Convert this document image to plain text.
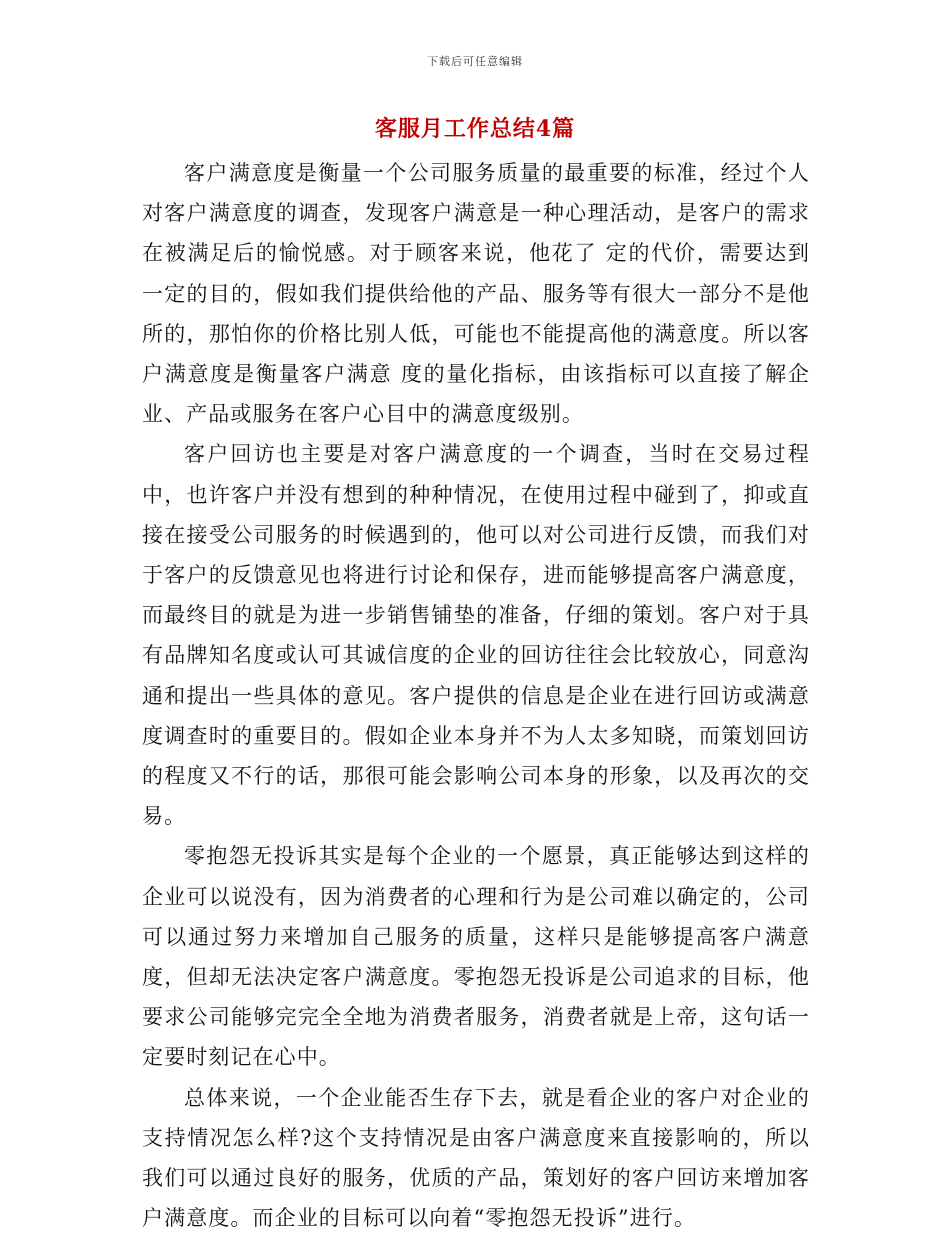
下载后可任意编辑
客服月工作总结4篇

客户满意度是衡量一个公司服务质量的最重要的标准，经过个人对客户满意度的调查，发现客户满意是一种心理活动，是客户的需求在被满足后的愉悦感。对于顾客来说，他花了 定的代价，需要达到一定的目的，假如我们提供给他的产品、服务等有很大一部分不是他所的，那怕你的价格比别人低，可能也不能提高他的满意度。所以客户满意度是衡量客户满意 度的量化指标，由该指标可以直接了解企业、产品或服务在客户心目中的满意度级别。

客户回访也主要是对客户满意度的一个调查，当时在交易过程中，也许客户并没有想到的种种情况，在使用过程中碰到了，抑或直接在接受公司服务的时候遇到的，他可以对公司进行反馈，而我们对于客户的反馈意见也将进行讨论和保存，进而能够提高客户满意度，而最终目的就是为进一步销售铺垫的准备，仔细的策划。客户对于具有品牌知名度或认可其诚信度的企业的回访往往会比较放心，同意沟通和提出一些具体的意见。客户提供的信息是企业在进行回访或满意度调查时的重要目的。假如企业本身并不为人太多知晓，而策划回访的程度又不行的话，那很可能会影响公司本身的形象，以及再次的交易。

零抱怨无投诉其实是每个企业的一个愿景，真正能够达到这样的企业可以说没有，因为消费者的心理和行为是公司难以确定的，公司可以通过努力来增加自己服务的质量，这样只是能够提高客户满意度，但却无法决定客户满意度。零抱怨无投诉是公司追求的目标，他要求公司能够完完全全地为消费者服务，消费者就是上帝，这句话一定要时刻记在心中。

总体来说，一个企业能否生存下去，就是看企业的客户对企业的支持情况怎么样?这个支持情况是由客户满意度来直接影响的，所以我们可以通过良好的服务，优质的产品，策划好的客户回访来增加客户满意度。而企业的目标可以向着“零抱怨无投诉”进行。
